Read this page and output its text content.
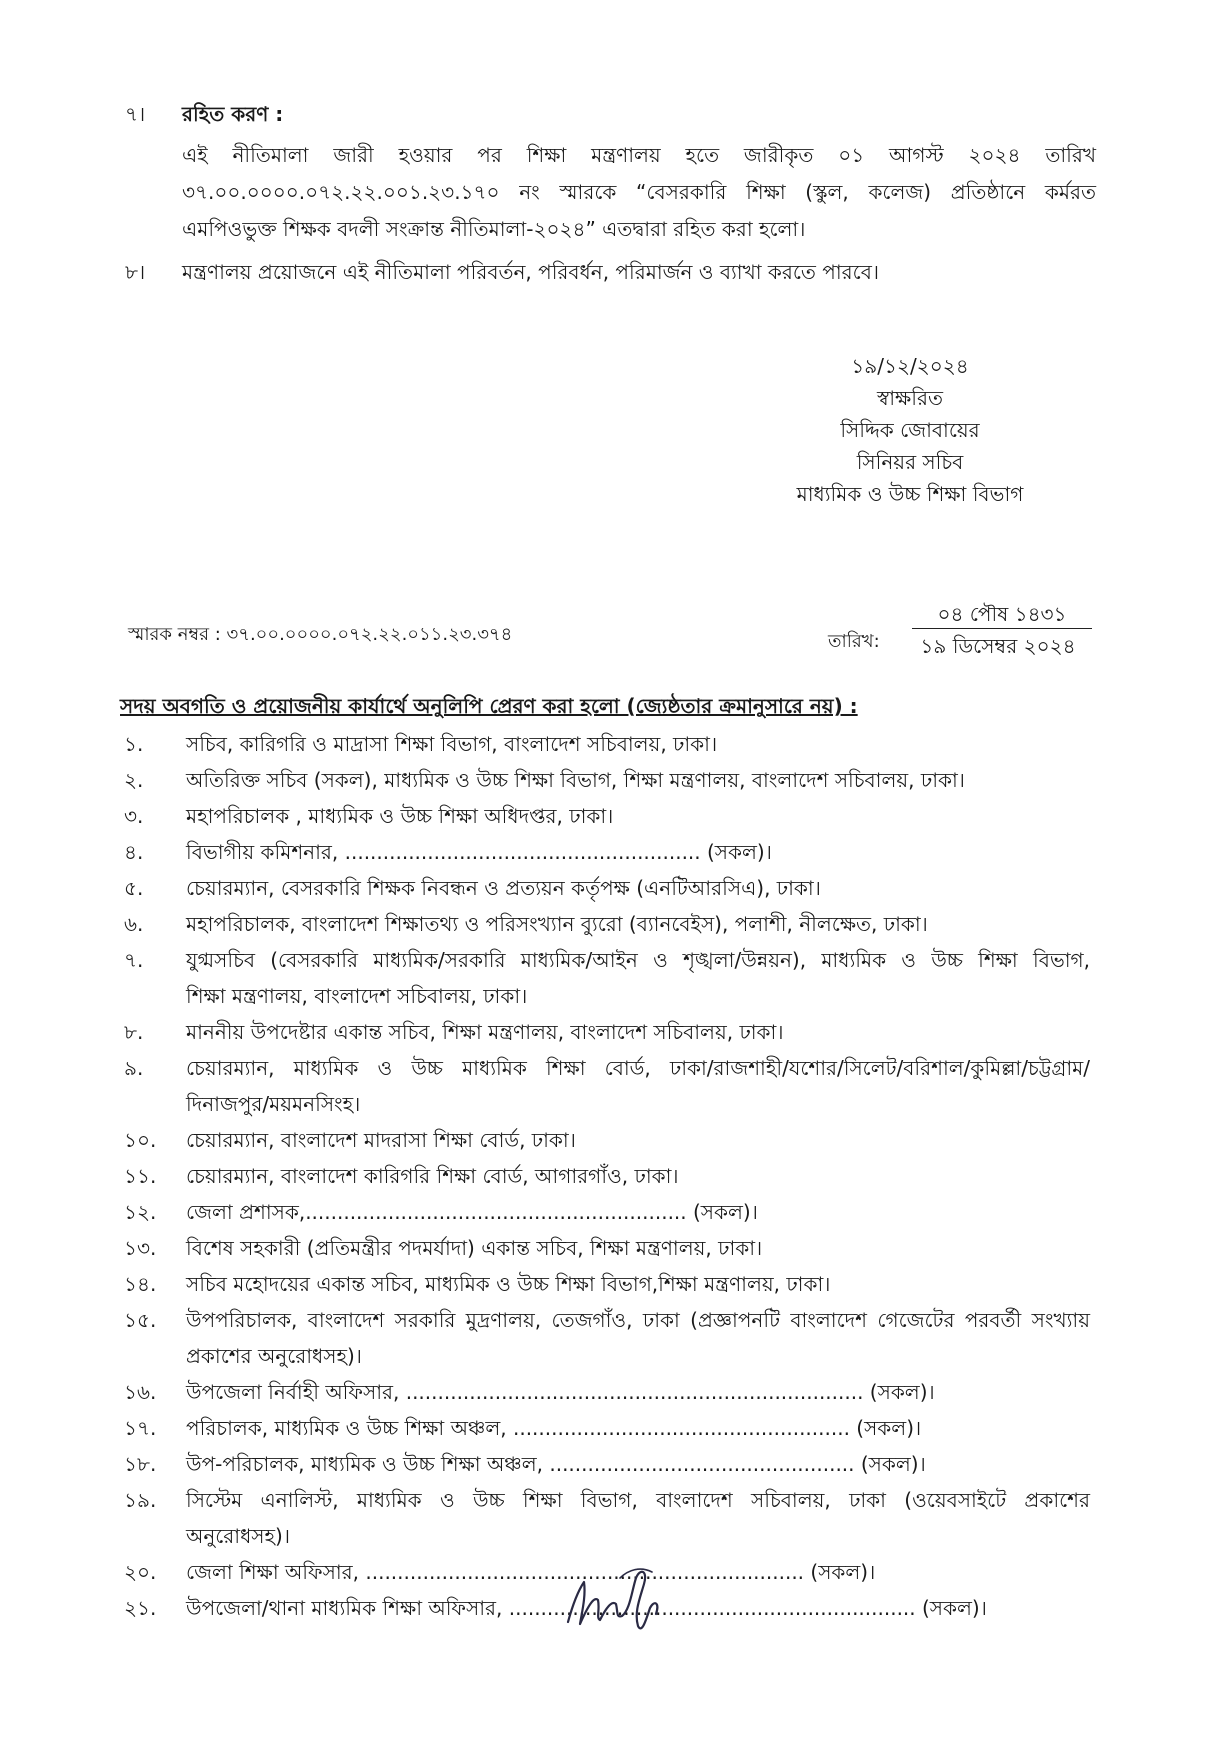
৭। রহিত করণ :
এই নীতিমালা জারী হওয়ার পর শিক্ষা মন্ত্রণালয় হতে জারীকৃত ০১ আগস্ট ২০২৪ তারিখ
৩৭.০০.০০০০.০৭২.২২.০০১.২৩.১৭০ নং স্মারকে “বেসরকারি শিক্ষা (স্কুল, কলেজ) প্রতিষ্ঠানে কর্মরত
এমপিওভুক্ত শিক্ষক বদলী সংক্রান্ত নীতিমালা-২০২৪” এতদ্বারা রহিত করা হলো।
৮। মন্ত্রণালয় প্রয়োজনে এই নীতিমালা পরিবর্তন, পরিবর্ধন, পরিমার্জন ও ব্যাখা করতে পারবে।
১৯/১২/২০২৪
স্বাক্ষরিত
সিদ্দিক জোবায়ের
সিনিয়র সচিব
মাধ্যমিক ও উচ্চ শিক্ষা বিভাগ
স্মারক নম্বর : ৩৭.০০.০০০০.০৭২.২২.০১১.২৩.৩৭৪
০৪ পৌষ ১৪৩১
তারিখ:	১৯ ডিসেম্বর ২০২৪
সদয় অবগতি ও প্রয়োজনীয় কার্যার্থে অনুলিপি প্রেরণ করা হলো (জ্যেষ্ঠতার ক্রমানুসারে নয়) :
১.	সচিব, কারিগরি ও মাদ্রাসা শিক্ষা বিভাগ, বাংলাদেশ সচিবালয়, ঢাকা।
২.	অতিরিক্ত সচিব (সকল), মাধ্যমিক ও উচ্চ শিক্ষা বিভাগ, শিক্ষা মন্ত্রণালয়, বাংলাদেশ সচিবালয়, ঢাকা।
৩.	মহাপরিচালক , মাধ্যমিক ও উচ্চ শিক্ষা অধিদপ্তর, ঢাকা।
৪.	বিভাগীয় কমিশনার, ........................................................ (সকল)।
৫.	চেয়ারম্যান, বেসরকারি শিক্ষক নিবন্ধন ও প্রত্যয়ন কর্তৃপক্ষ (এনটিআরসিএ), ঢাকা।
৬.	মহাপরিচালক, বাংলাদেশ শিক্ষাতথ্য ও পরিসংখ্যান ব্যুরো (ব্যানবেইস), পলাশী, নীলক্ষেত, ঢাকা।
৭.	যুগ্মসচিব (বেসরকারি মাধ্যমিক/সরকারি মাধ্যমিক/আইন ও শৃঙ্খলা/উন্নয়ন), মাধ্যমিক ও উচ্চ শিক্ষা বিভাগ,
শিক্ষা মন্ত্রণালয়, বাংলাদেশ সচিবালয়, ঢাকা।
৮.	মাননীয় উপদেষ্টার একান্ত সচিব, শিক্ষা মন্ত্রণালয়, বাংলাদেশ সচিবালয়, ঢাকা।
৯.	চেয়ারম্যান, মাধ্যমিক ও উচ্চ মাধ্যমিক শিক্ষা বোর্ড, ঢাকা/রাজশাহী/যশোর/সিলেট/বরিশাল/কুমিল্লা/চট্টগ্রাম/
দিনাজপুর/ময়মনসিংহ।
১০.	চেয়ারম্যান, বাংলাদেশ মাদরাসা শিক্ষা বোর্ড, ঢাকা।
১১.	চেয়ারম্যান, বাংলাদেশ কারিগরি শিক্ষা বোর্ড, আগারগাঁও, ঢাকা।
১২.	জেলা প্রশাসক,............................................................ (সকল)।
১৩.	বিশেষ সহকারী (প্রতিমন্ত্রীর পদমর্যাদা) একান্ত সচিব, শিক্ষা মন্ত্রণালয়, ঢাকা।
১৪.	সচিব মহোদয়ের একান্ত সচিব, মাধ্যমিক ও উচ্চ শিক্ষা বিভাগ,শিক্ষা মন্ত্রণালয়, ঢাকা।
১৫.	উপপরিচালক, বাংলাদেশ সরকারি মুদ্রণালয়, তেজগাঁও, ঢাকা (প্রজ্ঞাপনটি বাংলাদেশ গেজেটের পরবর্তী সংখ্যায়
প্রকাশের অনুরোধসহ)।
১৬.	উপজেলা নির্বাহী অফিসার, ........................................................................ (সকল)।
১৭.	পরিচালক, মাধ্যমিক ও উচ্চ শিক্ষা অঞ্চল, ..................................................... (সকল)।
১৮.	উপ-পরিচালক, মাধ্যমিক ও উচ্চ শিক্ষা অঞ্চল, ................................................ (সকল)।
১৯.	সিস্টেম এনালিস্ট, মাধ্যমিক ও উচ্চ শিক্ষা বিভাগ, বাংলাদেশ সচিবালয়, ঢাকা (ওয়েবসাইটে প্রকাশের
অনুরোধসহ)।
২০.	জেলা শিক্ষা অফিসার, ..................................................................... (সকল)।
২১.	উপজেলা/থানা মাধ্যমিক শিক্ষা অফিসার, ................................................................ (সকল)।
